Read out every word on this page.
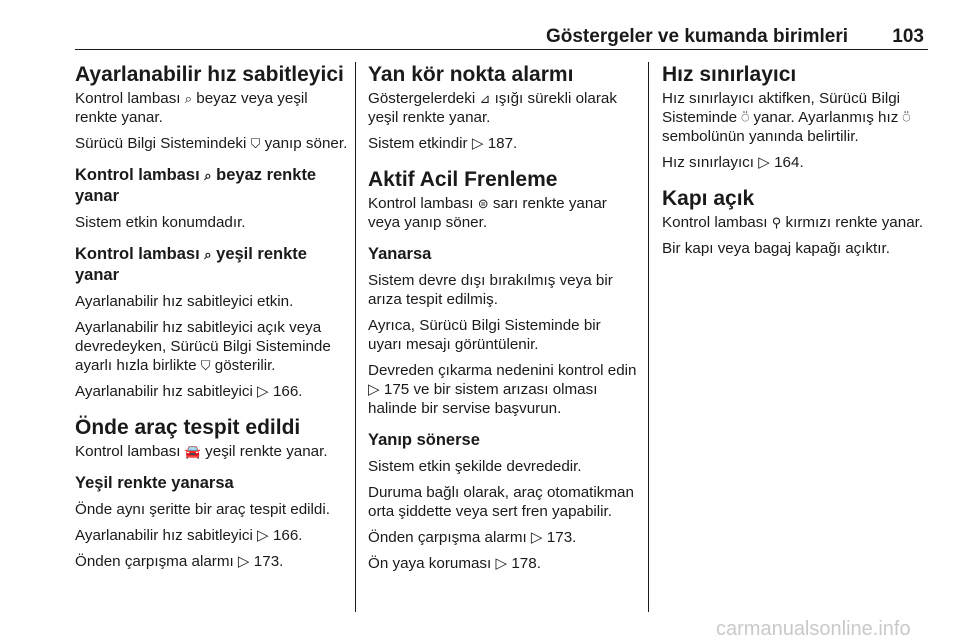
Göstergeler ve kumanda birimleri 103
Ayarlanabilir hız sabitleyici

Kontrol lambası ⌕ beyaz veya yeşil renkte yanar.

Sürücü Bilgi Sistemindeki ⛉ yanıp söner.

Kontrol lambası ⌕ beyaz renkte yanar

Sistem etkin konumdadır.

Kontrol lambası ⌕ yeşil renkte yanar

Ayarlanabilir hız sabitleyici etkin.

Ayarlanabilir hız sabitleyici açık veya devredeyken, Sürücü Bilgi Sisteminde ayarlı hızla birlikte ⛉ gösterilir.

Ayarlanabilir hız sabitleyici ▷ 166.

Önde araç tespit edildi

Kontrol lambası 🚘 yeşil renkte yanar.

Yeşil renkte yanarsa

Önde aynı şeritte bir araç tespit edildi.

Ayarlanabilir hız sabitleyici ▷ 166.

Önden çarpışma alarmı ▷ 173.

Yan kör nokta alarmı

Göstergelerdeki ⊿ ışığı sürekli olarak yeşil renkte yanar.

Sistem etkindir ▷ 187.

Aktif Acil Frenleme

Kontrol lambası ⊜ sarı renkte yanar veya yanıp söner.

Yanarsa

Sistem devre dışı bırakılmış veya bir arıza tespit edilmiş.

Ayrıca, Sürücü Bilgi Sisteminde bir uyarı mesajı görüntülenir.

Devreden çıkarma nedenini kontrol edin ▷ 175 ve bir sistem arızası olması halinde bir servise başvurun.

Yanıp sönerse

Sistem etkin şekilde devrededir.

Duruma bağlı olarak, araç otomatikman orta şiddette veya sert fren yapabilir.

Önden çarpışma alarmı ▷ 173.

Ön yaya koruması ▷ 178.

Hız sınırlayıcı

Hız sınırlayıcı aktifken, Sürücü Bilgi Sisteminde ⍥ yanar. Ayarlanmış hız ⍥ sembolünün yanında belirtilir.

Hız sınırlayıcı ▷ 164.

Kapı açık

Kontrol lambası ⚲ kırmızı renkte yanar.

Bir kapı veya bagaj kapağı açıktır.

carmanualsonline.info
